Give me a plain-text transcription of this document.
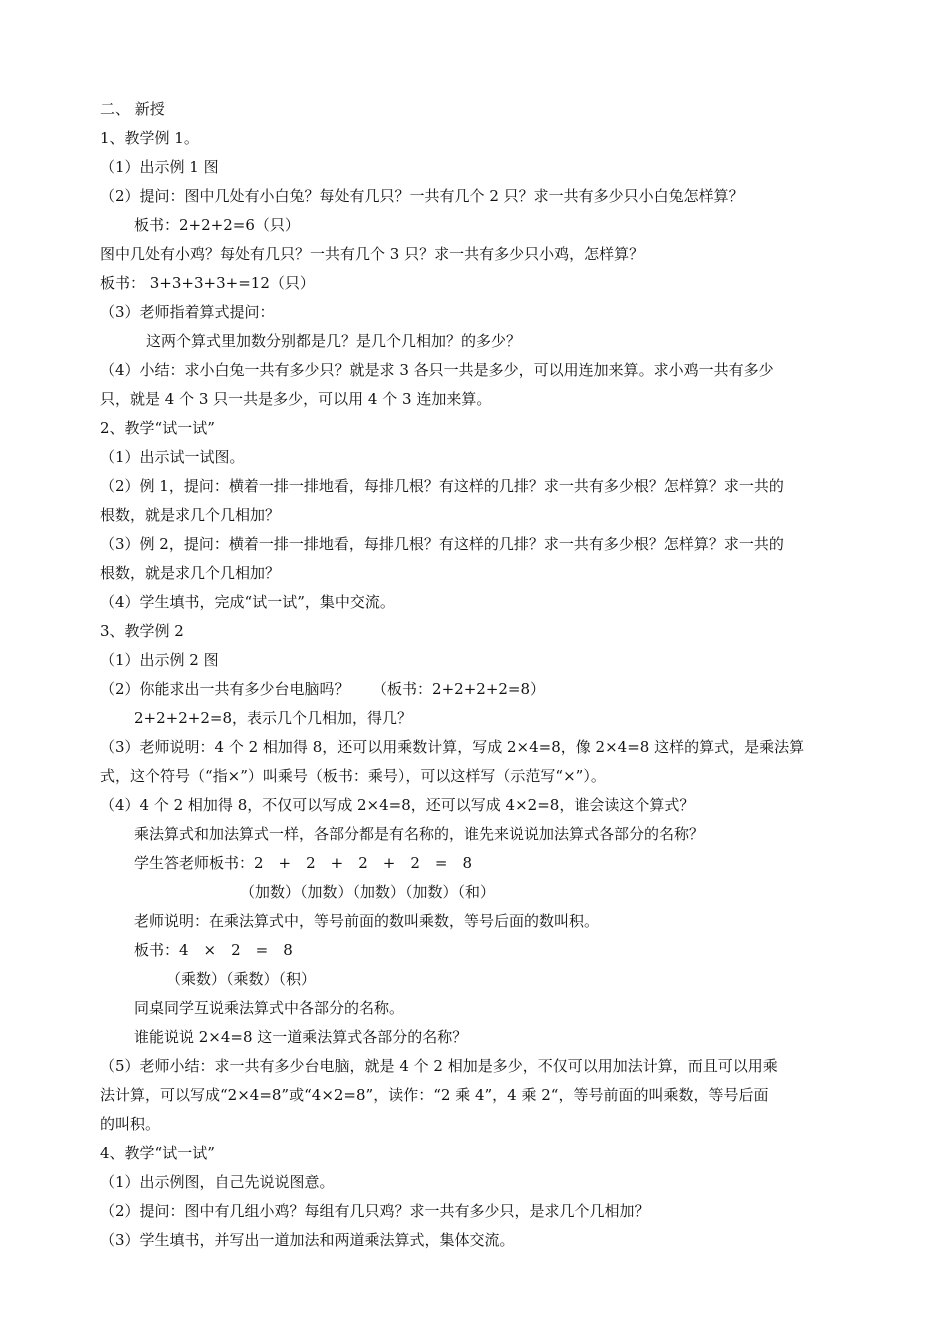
二、 新授
1、教学例 1。
（1）出示例 1 图
（2）提问：图中几处有小白兔？每处有几只？一共有几个 2 只？求一共有多少只小白兔怎样算？
板书：2+2+2=6（只）
图中几处有小鸡？每处有几只？一共有几个 3 只？求一共有多少只小鸡，怎样算？
板书： 3+3+3+3+=12（只）
（3）老师指着算式提问：
这两个算式里加数分别都是几？是几个几相加？的多少？
（4）小结：求小白兔一共有多少只？就是求 3 各只一共是多少，可以用连加来算。求小鸡一共有多少
只，就是 4 个 3 只一共是多少，可以用 4 个 3 连加来算。
2、教学“试一试”
（1）出示试一试图。
（2）例 1，提问：横着一排一排地看，每排几根？有这样的几排？求一共有多少根？怎样算？求一共的
根数，就是求几个几相加？
（3）例 2，提问：横着一排一排地看，每排几根？有这样的几排？求一共有多少根？怎样算？求一共的
根数，就是求几个几相加？
（4）学生填书，完成“试一试”，集中交流。
3、教学例 2
（1）出示例 2 图
（2）你能求出一共有多少台电脑吗？　　（板书：2+2+2+2=8）
2+2+2+2=8，表示几个几相加，得几？
（3）老师说明：4 个 2 相加得 8，还可以用乘数计算，写成 2×4=8，像 2×4=8 这样的算式，是乘法算
式，这个符号（“指×”）叫乘号（板书：乘号），可以这样写（示范写“×”）。
（4）4 个 2 相加得 8，不仅可以写成 2×4=8，还可以写成 4×2=8，谁会读这个算式？
乘法算式和加法算式一样，各部分都是有名称的，谁先来说说加法算式各部分的名称？
学生答老师板书：2　+　2　+　2　+　2　=　8
（加数）（加数）（加数）（加数）（和）
老师说明：在乘法算式中，等号前面的数叫乘数，等号后面的数叫积。
板书：4　×　2　=　8
（乘数）（乘数）（积）
同桌同学互说乘法算式中各部分的名称。
谁能说说 2×4=8 这一道乘法算式各部分的名称？
（5）老师小结：求一共有多少台电脑，就是 4 个 2 相加是多少，不仅可以用加法计算，而且可以用乘
法计算，可以写成“2×4=8”或“4×2=8”，读作：“2 乘 4”，4 乘 2“，等号前面的叫乘数，等号后面
的叫积。
4、教学“试一试”
（1）出示例图，自己先说说图意。
（2）提问：图中有几组小鸡？每组有几只鸡？求一共有多少只，是求几个几相加？
（3）学生填书，并写出一道加法和两道乘法算式，集体交流。
